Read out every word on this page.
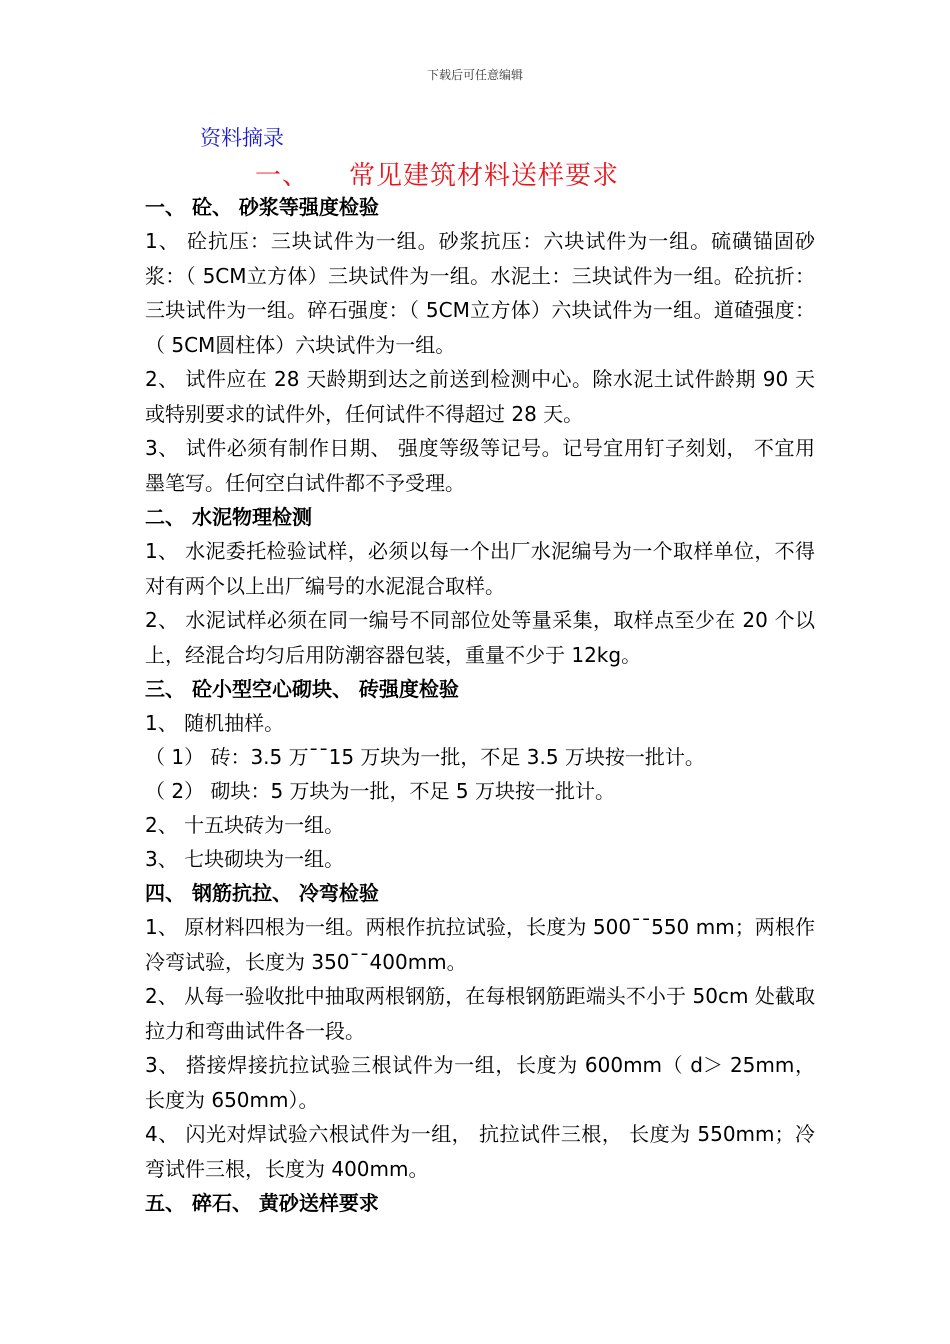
下载后可任意编辑
资料摘录
一、 常见建筑材料送样要求
一、 砼、 砂浆等强度检验
1、 砼抗压：三块试件为一组。砂浆抗压：六块试件为一组。硫磺锚固砂浆：（ 5CM立方体）三块试件为一组。水泥土：三块试件为一组。砼抗折：三块试件为一组。碎石强度：（ 5CM立方体）六块试件为一组。道碴强度：（ 5CM圆柱体）六块试件为一组。
2、 试件应在 28 天龄期到达之前送到检测中心。除水泥土试件龄期 90 天或特别要求的试件外，任何试件不得超过 28 天。
3、 试件必须有制作日期、 强度等级等记号。记号宜用钉子刻划， 不宜用墨笔写。任何空白试件都不予受理。
二、 水泥物理检测
1、 水泥委托检验试样，必须以每一个出厂水泥编号为一个取样单位，不得对有两个以上出厂编号的水泥混合取样。
2、 水泥试样必须在同一编号不同部位处等量采集，取样点至少在 20 个以上，经混合均匀后用防潮容器包装，重量不少于 12kg。
三、 砼小型空心砌块、 砖强度检验
1、 随机抽样。
（ 1） 砖：3.5 万¯¯15 万块为一批，不足 3.5 万块按一批计。
（ 2） 砌块：5 万块为一批，不足 5 万块按一批计。
2、 十五块砖为一组。
3、 七块砌块为一组。
四、 钢筋抗拉、 冷弯检验
1、 原材料四根为一组。两根作抗拉试验，长度为 500¯¯550 mm；两根作冷弯试验，长度为 350¯¯400mm。
2、 从每一验收批中抽取两根钢筋，在每根钢筋距端头不小于 50cm 处截取拉力和弯曲试件各一段。
3、 搭接焊接抗拉试验三根试件为一组，长度为 600mm（ d＞ 25mm，长度为 650mm）。
4、 闪光对焊试验六根试件为一组， 抗拉试件三根， 长度为 550mm；冷弯试件三根，长度为 400mm。
五、 碎石、 黄砂送样要求
